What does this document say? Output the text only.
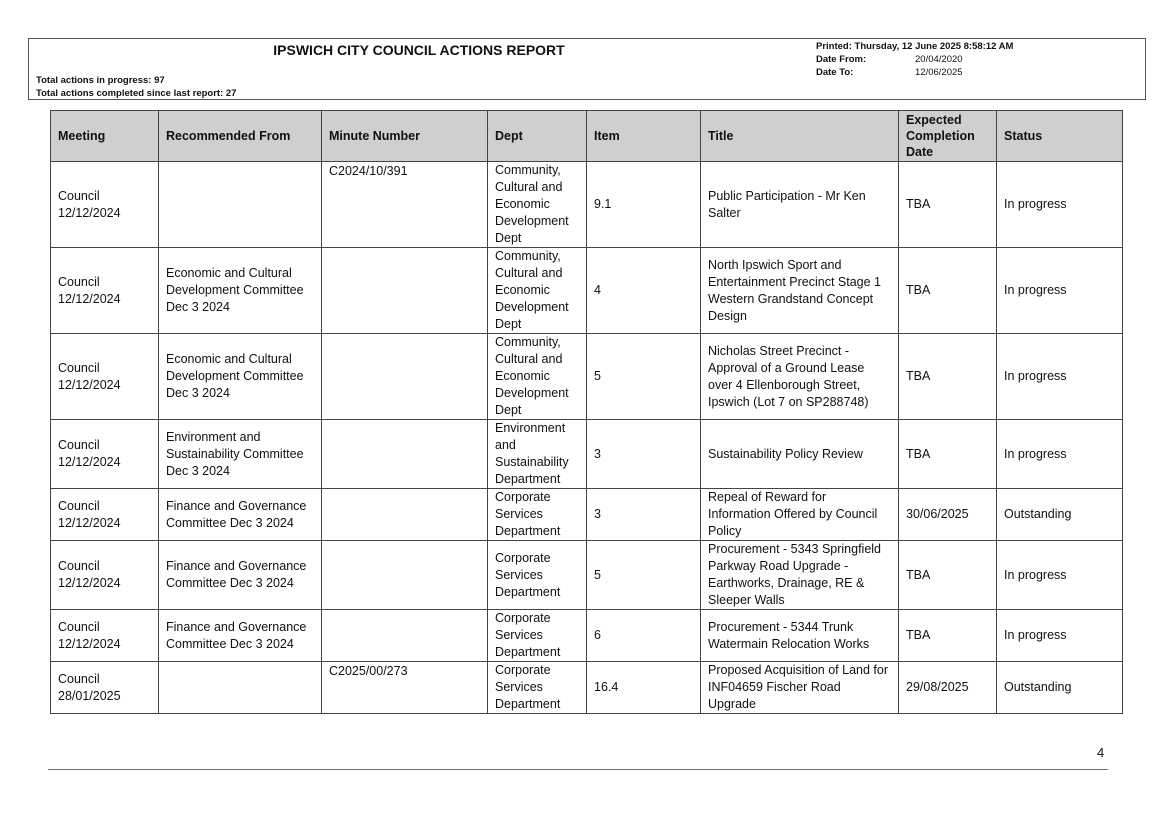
IPSWICH CITY COUNCIL ACTIONS REPORT
Total actions in progress: 97
Total actions completed since last report: 27
Printed: Thursday, 12 June 2025 8:58:12 AM
Date From:	20/04/2020
Date To:	12/06/2025
Meeting	Recommended From	Minute Number	Dept	Item	Title	Expected Completion Date	Status
Council 12/12/2024		C2024/10/391	Community, Cultural and Economic Development Dept	9.1	Public Participation - Mr Ken Salter	TBA	In progress
Council 12/12/2024	Economic and Cultural Development Committee Dec 3 2024		Community, Cultural and Economic Development Dept	4	North Ipswich Sport and Entertainment Precinct Stage 1 Western Grandstand Concept Design	TBA	In progress
Council 12/12/2024	Economic and Cultural Development Committee Dec 3 2024		Community, Cultural and Economic Development Dept	5	Nicholas Street Precinct - Approval of a Ground Lease over 4 Ellenborough Street, Ipswich (Lot 7 on SP288748)	TBA	In progress
Council 12/12/2024	Environment and Sustainability Committee Dec 3 2024		Environment and Sustainability Department	3	Sustainability Policy Review	TBA	In progress
Council 12/12/2024	Finance and Governance Committee Dec 3 2024		Corporate Services Department	3	Repeal of Reward for Information Offered by Council Policy	30/06/2025	Outstanding
Council 12/12/2024	Finance and Governance Committee Dec 3 2024		Corporate Services Department	5	Procurement - 5343 Springfield Parkway Road Upgrade - Earthworks, Drainage, RE & Sleeper Walls	TBA	In progress
Council 12/12/2024	Finance and Governance Committee Dec 3 2024		Corporate Services Department	6	Procurement - 5344 Trunk Watermain Relocation Works	TBA	In progress
Council 28/01/2025		C2025/00/273	Corporate Services Department	16.4	Proposed Acquisition of Land for INF04659 Fischer Road Upgrade	29/08/2025	Outstanding
4
